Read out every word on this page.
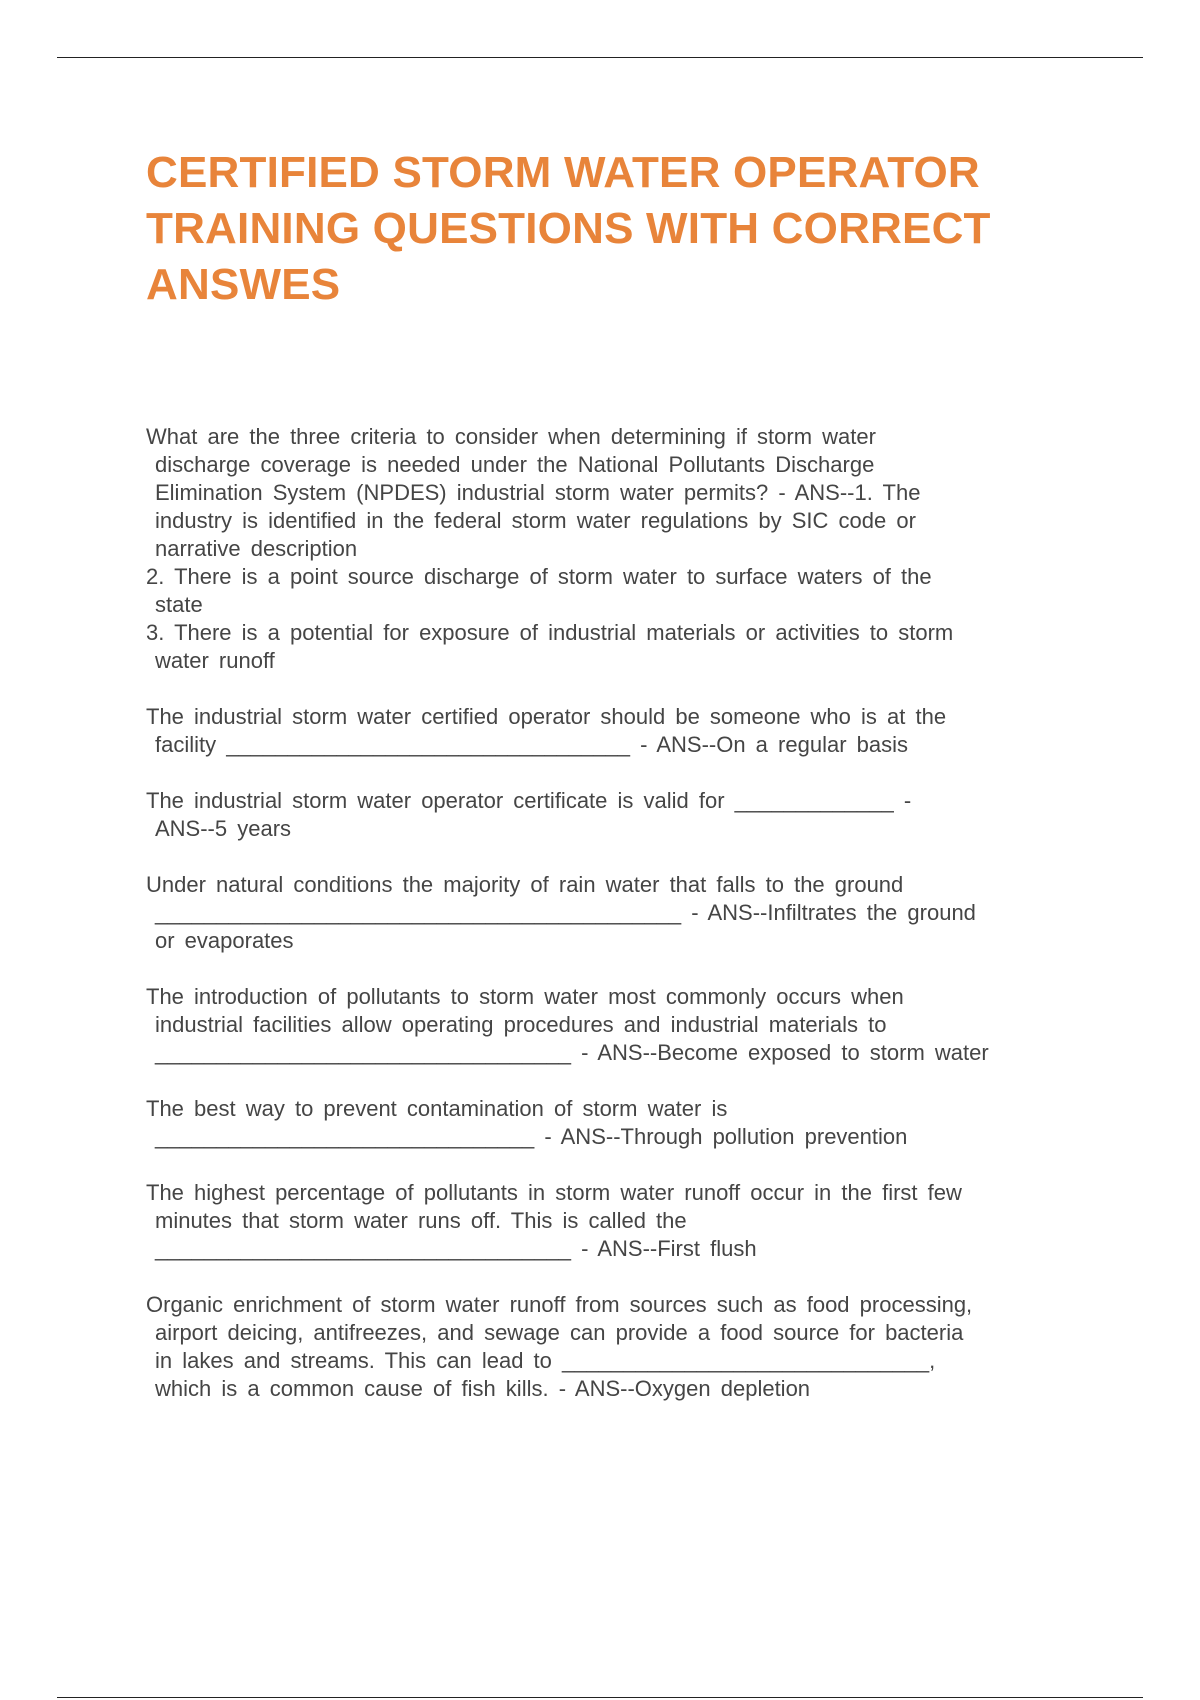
CERTIFIED STORM WATER OPERATOR
TRAINING QUESTIONS WITH CORRECT
ANSWES

What are the three criteria to consider when determining if storm water
discharge coverage is needed under the National Pollutants Discharge
Elimination System (NPDES) industrial storm water permits? - ANS--1. The
industry is identified in the federal storm water regulations by SIC code or
narrative description
2. There is a point source discharge of storm water to surface waters of the
state
3. There is a potential for exposure of industrial materials or activities to storm
water runoff

The industrial storm water certified operator should be someone who is at the
facility _________________________________ - ANS--On a regular basis

The industrial storm water operator certificate is valid for _____________ -
ANS--5 years

Under natural conditions the majority of rain water that falls to the ground
___________________________________________ - ANS--Infiltrates the ground
or evaporates

The introduction of pollutants to storm water most commonly occurs when
industrial facilities allow operating procedures and industrial materials to
__________________________________ - ANS--Become exposed to storm water

The best way to prevent contamination of storm water is
_______________________________ - ANS--Through pollution prevention

The highest percentage of pollutants in storm water runoff occur in the first few
minutes that storm water runs off. This is called the
__________________________________ - ANS--First flush

Organic enrichment of storm water runoff from sources such as food processing,
airport deicing, antifreezes, and sewage can provide a food source for bacteria
in lakes and streams. This can lead to ______________________________,
which is a common cause of fish kills. - ANS--Oxygen depletion
